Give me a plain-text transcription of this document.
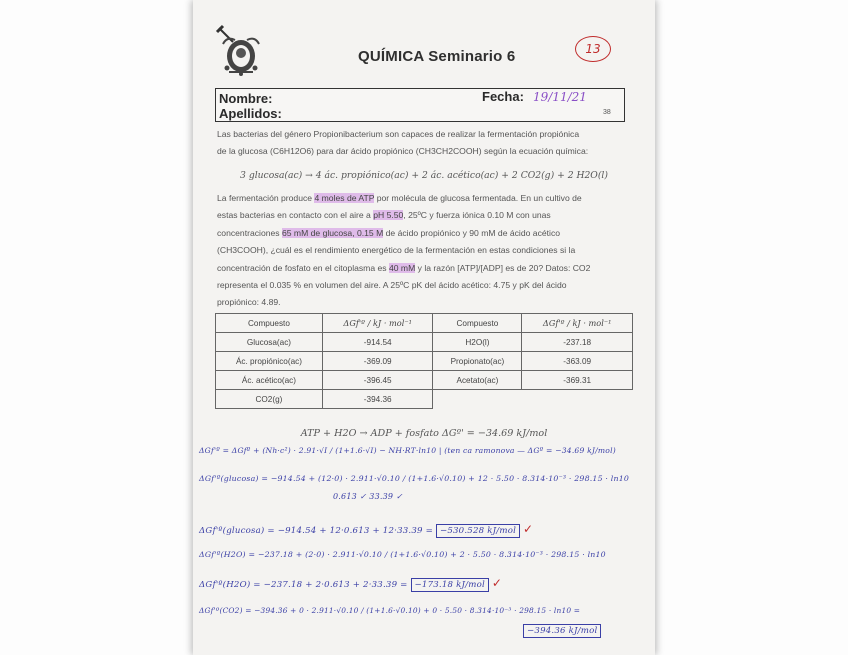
QUÍMICA Seminario 6	13
Nombre:
Apellidos:
Fecha: 19/11/21
38
Las bacterias del género Propionibacterium son capaces de realizar la fermentación propiónica
de la glucosa (C6H12O6) para dar ácido propiónico (CH3CH2COOH) según la ecuación química:
3 glucosa(ac) → 4 ác. propiónico(ac) + 2 ác. acético(ac) + 2 CO2(g) + 2 H2O(l)
La fermentación produce 4 moles de ATP por molécula de glucosa fermentada. En un cultivo de
estas bacterias en contacto con el aire a pH 5.50, 25ºC y fuerza iónica 0.10 M con unas
concentraciones 65 mM de glucosa, 0.15 M de ácido propiónico y 90 mM de ácido acético
(CH3COOH), ¿cuál es el rendimiento energético de la fermentación en estas condiciones si la
concentración de fosfato en el citoplasma es 40 mM y la razón [ATP]/[ADP] es de 20? Datos: CO2
representa el 0.035 % en volumen del aire. A 25ºC pK del ácido acético: 4.75 y pK del ácido
propiónico: 4.89.
Compuesto	ΔGf'º / kJ · mol⁻¹	Compuesto	ΔGf'º / kJ · mol⁻¹
Glucosa(ac)	-914.54	H2O(l)	-237.18
Ác. propiónico(ac)	-369.09	Propionato(ac)	-363.09
Ác. acético(ac)	-396.45	Acetato(ac)	-369.31
CO2(g)	-394.36		
ATP + H2O → ADP + fosfato ΔGº' = −34.69 kJ/mol
ΔGf'º = ΔGfº + (Nh·c²) · 2.91·√I / (1+1.6·√I) − NH·RT·ln10 | (ten ca ramonova — ΔGº = −34.69 kJ/mol)
ΔGf'º(glucosa) = −914.54 + (12·0) · 2.911·√0.10 / (1+1.6·√0.10) + 12 · 5.50 · 8.314·10⁻³ · 298.15 · ln10
0.613 ✓ 33.39 ✓
ΔGf'º(glucosa) = −914.54 + 12·0.613 + 12·33.39 = −530.528 kJ/mol ✓
ΔGf'º(H2O) = −237.18 + (2·0) · 2.911·√0.10 / (1+1.6·√0.10) + 2 · 5.50 · 8.314·10⁻³ · 298.15 · ln10
ΔGf'º(H2O) = −237.18 + 2·0.613 + 2·33.39 = −173.18 kJ/mol ✓
ΔGf'º(CO2) = −394.36 + 0 · 2.911·√0.10 / (1+1.6·√0.10) + 0 · 5.50 · 8.314·10⁻³ · 298.15 · ln10 =
−394.36 kJ/mol
